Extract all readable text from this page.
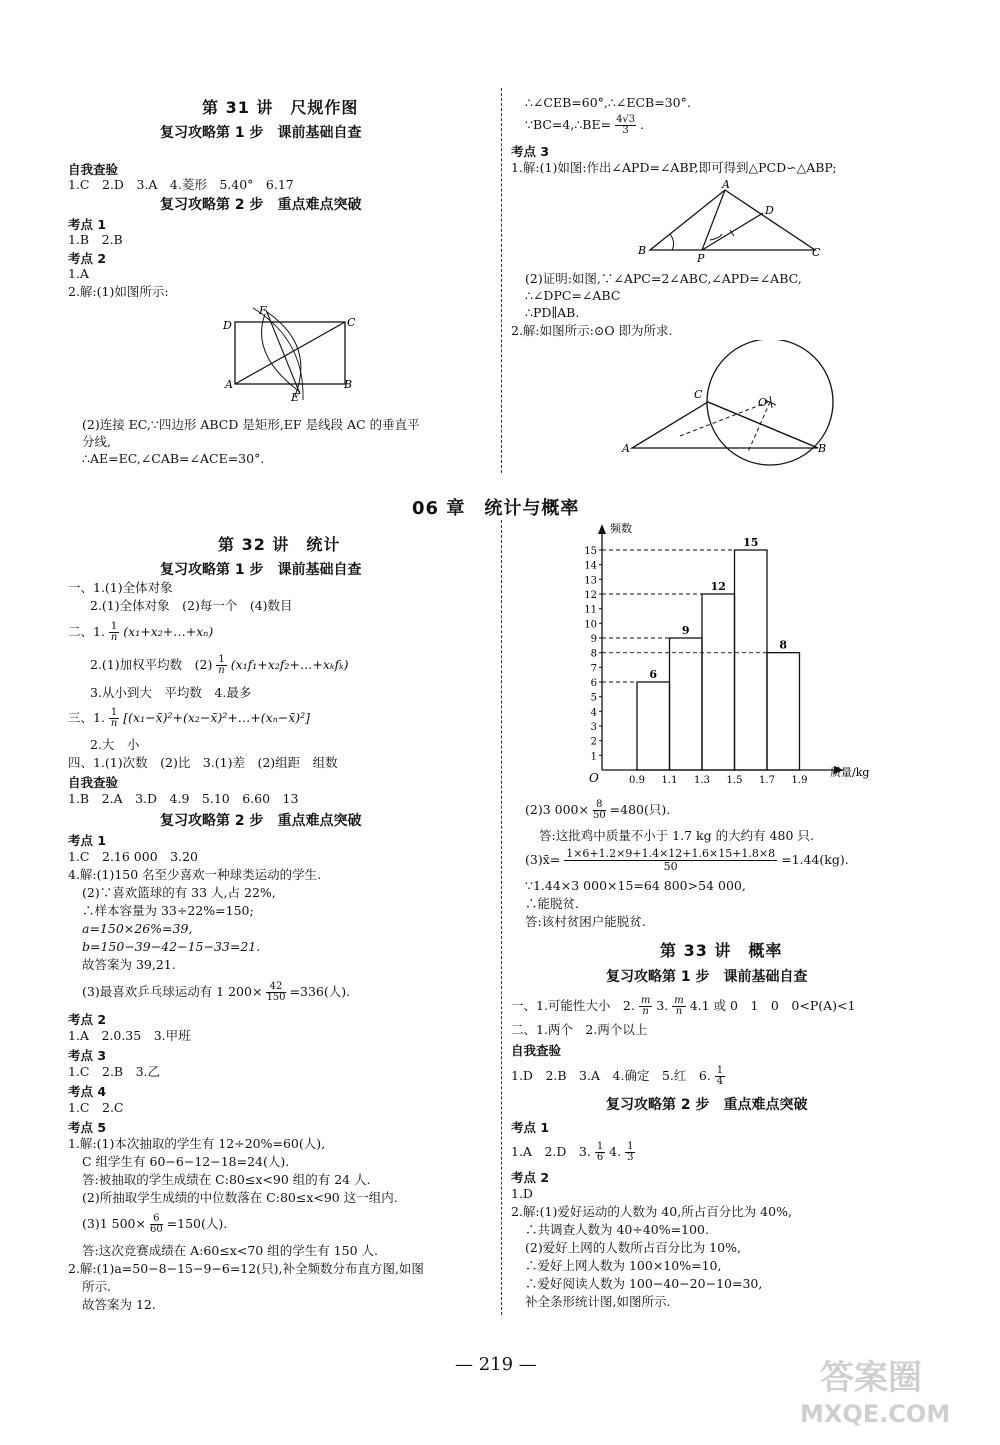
第 31 讲　尺规作图
复习攻略第 1 步　课前基础自查
自我查验
1.C　2.D　3.A　4.菱形　5.40°　6.17
复习攻略第 2 步　重点难点突破
考点 1
1.B　2.B
考点 2
1.A
2.解:(1)如图所示:
D
F
C
A
E
B
(2)连接 EC,∵四边形 ABCD 是矩形,EF 是线段 AC 的垂直平
分线,
∴AE=EC,∠CAB=∠ACE=30°.
∴∠CEB=60°,∴∠ECB=30°.
∵BC=4,∴BE= $\frac{4√3}{3}$ .
考点 3
1.解:(1)如图:作出∠APD=∠ABP,即可得到△PCD∽△ABP;
A
D
B
P	C
(2)证明:如图,∵∠APC=2∠ABC,∠APD=∠ABC,
∴∠DPC=∠ABC
∴PD∥AB.
2.解:如图所示:⊙O 即为所求.
C
O
A	B
06 章　统计与概率
第 32 讲　统计
复习攻略第 1 步　课前基础自查
一、1.(1)全体对象
2.(1)全体对象　(2)每一个　(4)数目
二、1. $\frac{1}{n}$ (x₁+x₂+…+xₙ)
2.(1)加权平均数　$(2) \frac{1}{n}$ (x₁f₁+x₂f₂+…+xₖfₖ)
3.从小到大　平均数　4.最多
三、1. $\frac{1}{n}$ [(x₁−x̄)²+(x₂−x̄)²+…+(xₙ−x̄)²]
2.大　小
四、1.(1)次数　(2)比　3.(1)差　(2)组距　组数
自我查验
1.B　2.A　3.D　4.9　5.10　6.60　13
复习攻略第 2 步　重点难点突破
考点 1
1.C　2.16 000　3.20
4.解:(1)150 名至少喜欢一种球类运动的学生.
(2)∵喜欢篮球的有 33 人,占 22%,
∴样本容量为 33÷22%=150;
a=150×26%=39,
b=150−39−42−15−33=21.
故答案为 39,21.
(3)最喜欢乒乓球运动有 1 $200\times \frac{42}{150} =336$(人).
考点 2
1.A　2.0.35　3.甲班
考点 3
1.C　2.B　3.乙
考点 4
1.C　2.C
考点 5
1.解:(1)本次抽取的学生有 12÷20%=60(人),
C 组学生有 60−6−12−18=24(人).
答:被抽取的学生成绩在 C:80≤x<90 组的有 24 人.
(2)所抽取学生成绩的中位数落在 C:80≤x<90 这一组内.
(3)1 $500\times \frac{6}{60} =150$(人).
答:这次竞赛成绩在 A:60≤x<70 组的学生有 150 人.
2.解:(1)a=50−8−15−9−6=12(只),补全频数分布直方图,如图
所示.
故答案为 12.
1
2
3
4
5
6
7
8
9
10
11
12
13
14
15
0.9 1.1 1.3 1.5 1.7 1.9
6
9
12
15
8
频数
质量/kg
O
(2)3 $000\times \frac{8}{50} =480$(只).
答:这批鸡中质量不小于 1.7 kg 的大约有 480 只.
(3)x̄= $\frac{1\times 6+1.2\times 9+1.4\times 12+1.6\times 15+1.8\times 8}{50} =1.44(kg)$.
∵1.44×3 000×15=64 800>54 000,
∴能脱贫.
答:该村贫困户能脱贫.
第 33 讲　概率
复习攻略第 1 步　课前基础自查
一、1.可能性大小　2. $\frac{m}{n} 3$. $\frac{m}{n} 4.1$ 或 0　1　0　0<P(A)<1
二、1.两个　2.两个以上
自我查验
1.D　2.B　3.A　4.确定　5.红　6. $\frac{1}{4}$
复习攻略第 2 步　重点难点突破
考点 1
1.A　2.D　3. $\frac{1}{6} 4$. $\frac{1}{3}$
考点 2
1.D
2.解:(1)爱好运动的人数为 40,所占百分比为 40%,
∴共调查人数为 40÷40%=100.
(2)爱好上网的人数所占百分比为 10%,
∴爱好上网人数为 100×10%=10,
∴爱好阅读人数为 100−40−20−10=30,
补全条形统计图,如图所示.
— 219 —	答案圈
MXQE.COM
